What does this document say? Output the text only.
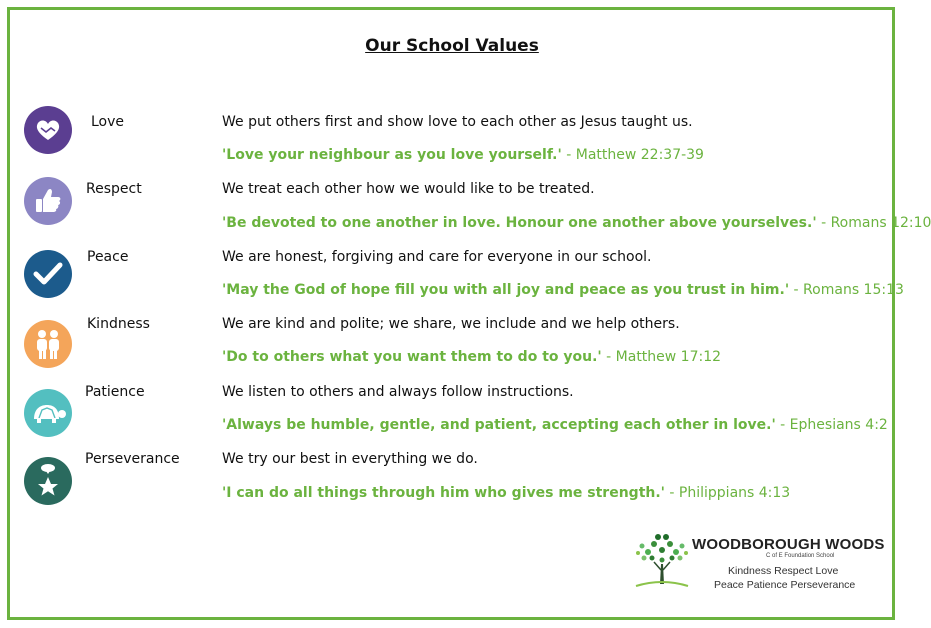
Our School Values
Love	We put others first and show love to each other as Jesus taught us.
'Love your neighbour as you love yourself.' - Matthew 22:37-39
Respect	We treat each other how we would like to be treated.
'Be devoted to one another in love. Honour one another above yourselves.' - Romans 12:10
Peace	We are honest, forgiving and care for everyone in our school.
'May the God of hope fill you with all joy and peace as you trust in him.' - Romans 15:13
Kindness	We are kind and polite; we share, we include and we help others.
'Do to others what you want them to do to you.' - Matthew 17:12
Patience	We listen to others and always follow instructions.
'Always be humble, gentle, and patient, accepting each other in love.' - Ephesians 4:2
Perseverance	We try our best in everything we do.
'I can do all things through him who gives me strength.' - Philippians 4:13
WOODBOROUGH WOODS
C of E Foundation School
Kindness Respect Love
Peace Patience Perseverance
